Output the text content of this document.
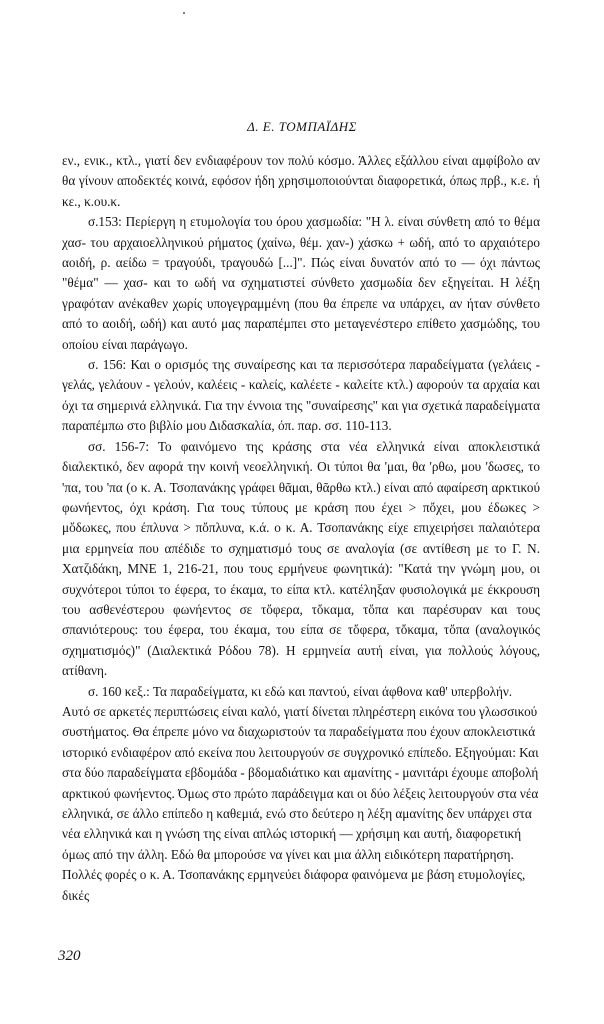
Δ. Ε. ΤΟΜΠΑΪΔΗΣ

εν., ενικ., κτλ., γιατί δεν ενδιαφέρουν τον πολύ κόσμο. Άλλες εξάλλου είναι αμφίβολο αν θα γίνουν αποδεκτές κοινά, εφόσον ήδη χρησιμοποιούνται διαφορετικά, όπως πρβ., κ.ε. ή κε., κ.ου.κ.

σ.153: Περίεργη η ετυμολογία του όρου χασμωδία: "Η λ. είναι σύνθετη από το θέμα χασ- του αρχαιοελληνικού ρήματος (χαίνω, θέμ. χαν-) χάσκω + ωδή, από το αρχαιότερο αοιδή, ρ. αείδω = τραγούδι, τραγουδώ [...]". Πώς είναι δυνατόν από το — όχι πάντως "θέμα" — χασ- και το ωδή να σχηματιστεί σύνθετο χασμωδία δεν εξηγείται. Η λέξη γραφόταν ανέκαθεν χωρίς υπογεγραμμένη (που θα έπρεπε να υπάρχει, αν ήταν σύνθετο από το αοιδή, ωδή) και αυτό μας παραπέμπει στο μεταγενέστερο επίθετο χασμώδης, του οποίου είναι παράγωγο.

σ. 156: Και ο ορισμός της συναίρεσης και τα περισσότερα παραδείγματα (γελάεις - γελάς, γελάουν - γελούν, καλέεις - καλείς, καλέετε - καλείτε κτλ.) αφορούν τα αρχαία και όχι τα σημερινά ελληνικά. Για την έννοια της "συναίρεσης" και για σχετικά παραδείγματα παραπέμπω στο βιβλίο μου Διδασκαλία, όπ. παρ. σσ. 110-113.

σσ. 156-7: Το φαινόμενο της κράσης στα νέα ελληνικά είναι αποκλειστικά διαλεκτικό, δεν αφορά την κοινή νεοελληνική. Οι τύποι θα 'μαι, θα 'ρθω, μου 'δωσες, το 'πα, του 'πα (ο κ. Α. Τσοπανάκης γράφει θᾶμαι, θᾶρθω κτλ.) είναι από αφαίρεση αρκτικού φωνήεντος, όχι κράση. Για τους τύπους με κράση που έχει > πὄχει, μου έδωκες > μὄδωκες, που έπλυνα > πὄπλυνα, κ.ά. ο κ. Α. Τσοπανάκης είχε επιχειρήσει παλαιότερα μια ερμηνεία που απέδιδε το σχηματισμό τους σε αναλογία (σε αντίθεση με το Γ. Ν. Χατζιδάκη, ΜΝΕ 1, 216-21, που τους ερμήνευε φωνητικά): "Κατά την γνώμη μου, οι συχνότεροι τύποι το έφερα, το έκαμα, το είπα κτλ. κατέληξαν φυσιολογικά με έκκρουση του ασθενέστερου φωνήεντος σε τὄφερα, τὄκαμα, τὄπα και παρέσυραν και τους σπανιότερους: του έφερα, του έκαμα, του είπα σε τὄφερα, τὄκαμα, τὄπα (αναλογικός σχηματισμός)" (Διαλεκτικά Ρόδου 78). Η ερμηνεία αυτή είναι, για πολλούς λόγους, ατίθανη.

σ. 160 κεξ.: Τα παραδείγματα, κι εδώ και παντού, είναι άφθονα καθ' υπερβολήν. Αυτό σε αρκετές περιπτώσεις είναι καλό, γιατί δίνεται πληρέστερη εικόνα του γλωσσικού συστήματος. Θα έπρεπε μόνο να διαχωριστούν τα παραδείγματα που έχουν αποκλειστικά ιστορικό ενδιαφέρον από εκείνα που λειτουργούν σε συγχρονικό επίπεδο. Εξηγούμαι: Και στα δύο παραδείγματα εβδομάδα - βδομαδιάτικο και αμανίτης - μανιτάρι έχουμε αποβολή αρκτικού φωνήεντος. Όμως στο πρώτο παράδειγμα και οι δύο λέξεις λειτουργούν στα νέα ελληνικά, σε άλλο επίπεδο η καθεμιά, ενώ στο δεύτερο η λέξη αμανίτης δεν υπάρχει στα νέα ελληνικά και η γνώση της είναι απλώς ιστορική — χρήσιμη και αυτή, διαφορετική όμως από την άλλη. Εδώ θα μπορούσε να γίνει και μια άλλη ειδικότερη παρατήρηση. Πολλές φορές ο κ. Α. Τσοπανάκης ερμηνεύει διάφορα φαινόμενα με βάση ετυμολογίες, δικές

320
